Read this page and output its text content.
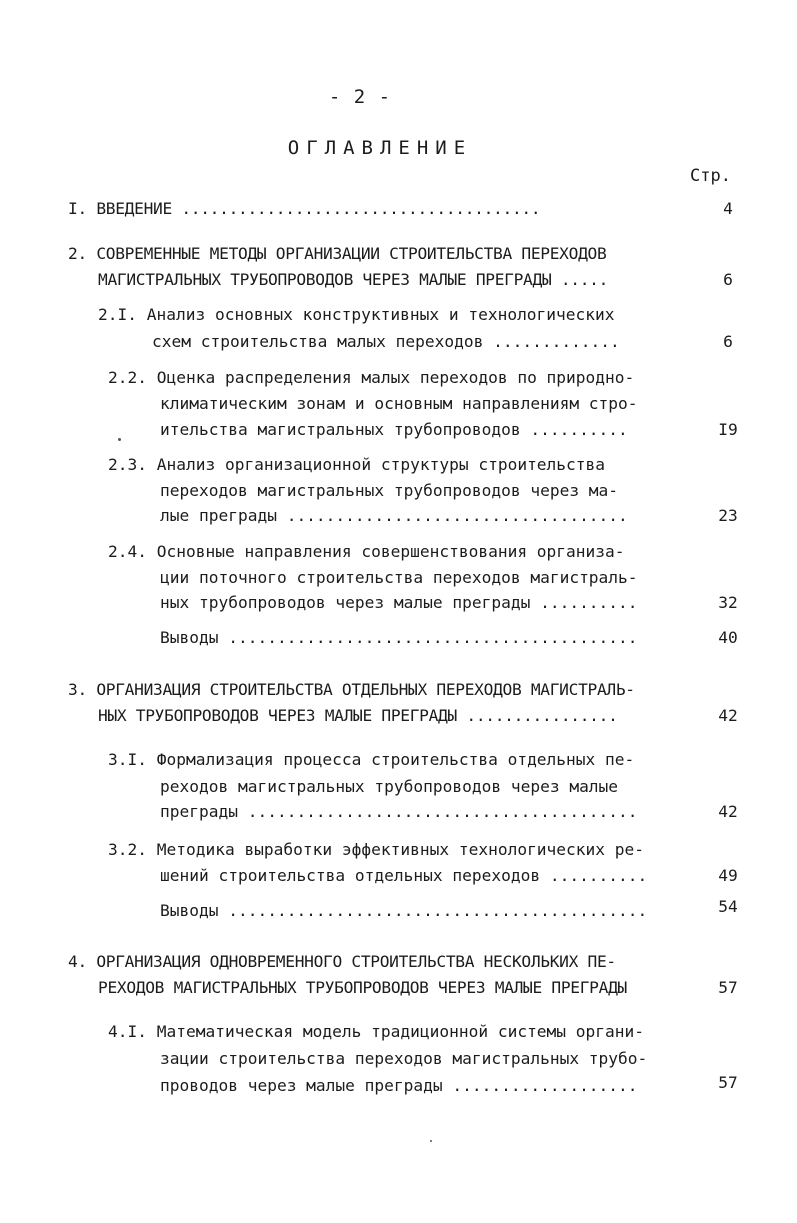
- 2 -
ОГЛАВЛЕНИЕ
Стр.
I. ВВЕДЕНИЕ ......................................	4
2. СОВРЕМЕННЫЕ МЕТОДЫ ОРГАНИЗАЦИИ СТРОИТЕЛЬСТВА ПЕРЕХОДОВ
МАГИСТРАЛЬНЫХ ТРУБОПРОВОДОВ ЧЕРЕЗ МАЛЫЕ ПРЕГРАДЫ .....	6
2.I. Анализ основных конструктивных и технологических
схем строительства малых переходов .............	6
2.2. Оценка распределения малых переходов по природно-
климатическим зонам и основным направлениям стро-
ительства магистральных трубопроводов ..........	I9
2.3. Анализ организационной структуры строительства
переходов магистральных трубопроводов через ма-
лые преграды ...................................	23
2.4. Основные направления совершенствования организа-
ции поточного строительства переходов магистраль-
ных трубопроводов через малые преграды ..........	32
Выводы ..........................................	40
3. ОРГАНИЗАЦИЯ СТРОИТЕЛЬСТВА ОТДЕЛЬНЫХ ПЕРЕХОДОВ МАГИСТРАЛЬ-
НЫХ ТРУБОПРОВОДОВ ЧЕРЕЗ МАЛЫЕ ПРЕГРАДЫ ................	42
3.I. Формализация процесса строительства отдельных пе-
реходов магистральных трубопроводов через малые
преграды ........................................	42
3.2. Методика выработки эффективных технологических ре-
шений строительства отдельных переходов ..........	49
Выводы ...........................................	54
4. ОРГАНИЗАЦИЯ ОДНОВРЕМЕННОГО СТРОИТЕЛЬСТВА НЕСКОЛЬКИХ ПЕ-
РЕХОДОВ МАГИСТРАЛЬНЫХ ТРУБОПРОВОДОВ ЧЕРЕЗ МАЛЫЕ ПРЕГРАДЫ	57
4.I. Математическая модель традиционной системы органи-
зации строительства переходов магистральных трубо-
проводов через малые преграды ...................	57
